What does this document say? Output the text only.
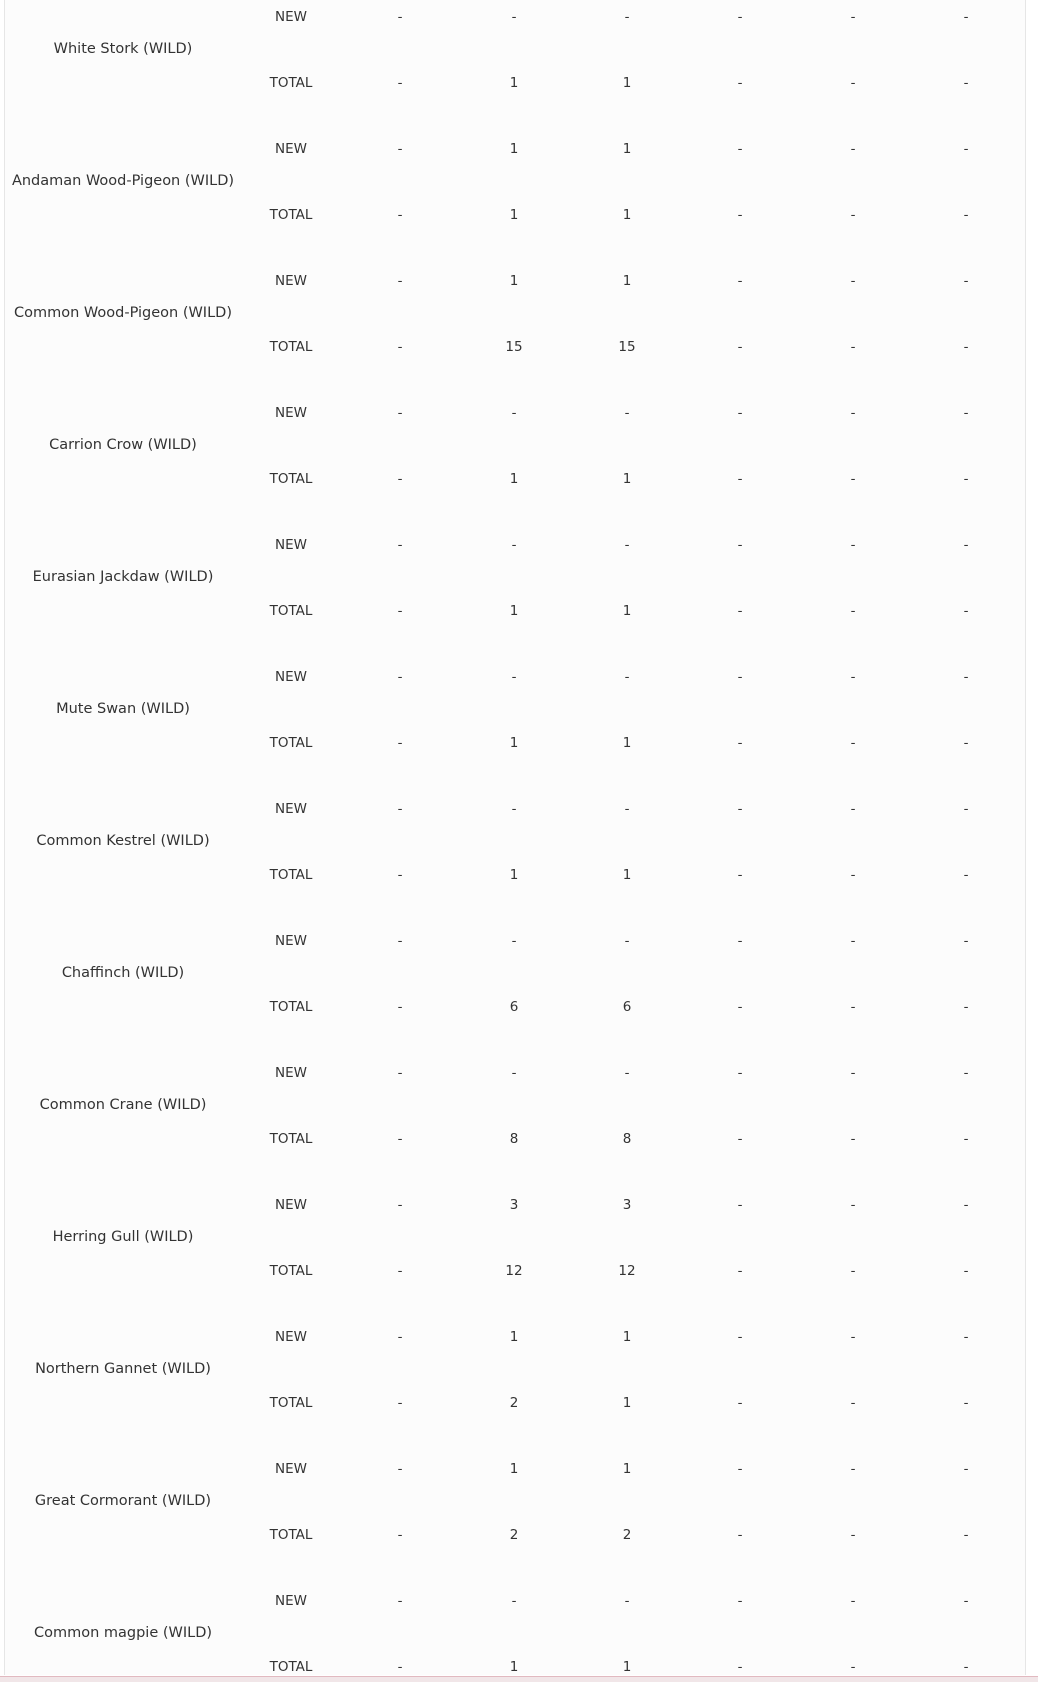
White Stork (WILD)
NEW	-	-	-	-	-	-
TOTAL	-	1	1	-	-	-
Andaman Wood-Pigeon (WILD)
NEW	-	1	1	-	-	-
TOTAL	-	1	1	-	-	-
Common Wood-Pigeon (WILD)
NEW	-	1	1	-	-	-
TOTAL	-	15	15	-	-	-
Carrion Crow (WILD)
NEW	-	-	-	-	-	-
TOTAL	-	1	1	-	-	-
Eurasian Jackdaw (WILD)
NEW	-	-	-	-	-	-
TOTAL	-	1	1	-	-	-
Mute Swan (WILD)
NEW	-	-	-	-	-	-
TOTAL	-	1	1	-	-	-
Common Kestrel (WILD)
NEW	-	-	-	-	-	-
TOTAL	-	1	1	-	-	-
Chaffinch (WILD)
NEW	-	-	-	-	-	-
TOTAL	-	6	6	-	-	-
Common Crane (WILD)
NEW	-	-	-	-	-	-
TOTAL	-	8	8	-	-	-
Herring Gull (WILD)
NEW	-	3	3	-	-	-
TOTAL	-	12	12	-	-	-
Northern Gannet (WILD)
NEW	-	1	1	-	-	-
TOTAL	-	2	1	-	-	-
Great Cormorant (WILD)
NEW	-	1	1	-	-	-
TOTAL	-	2	2	-	-	-
Common magpie (WILD)
NEW	-	-	-	-	-	-
TOTAL	-	1	1	-	-	-
